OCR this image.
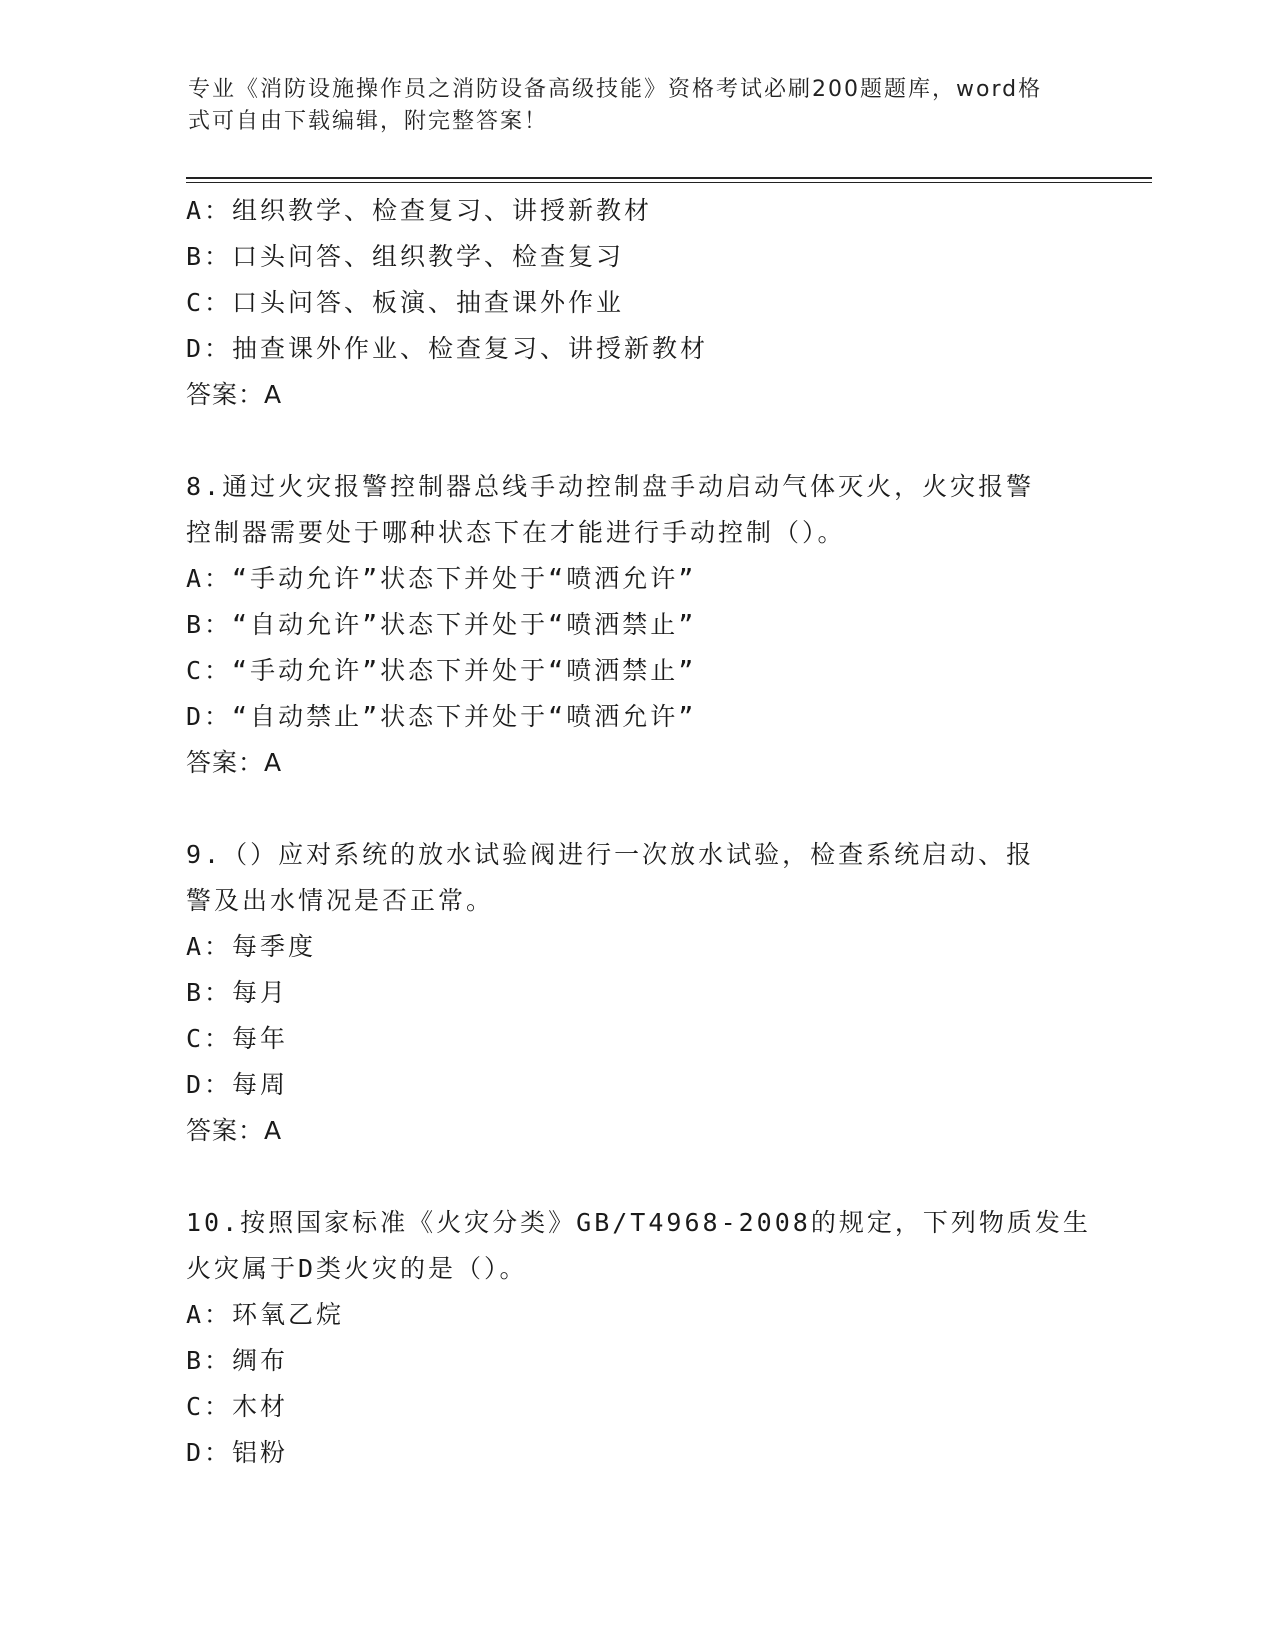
专业《消防设施操作员之消防设备高级技能》资格考试必刷200题题库，word格
式可自由下载编辑，附完整答案！
A：组织教学、检查复习、讲授新教材
B：口头问答、组织教学、检查复习
C：口头问答、板演、抽查课外作业
D：抽查课外作业、检查复习、讲授新教材
答案：A
8.通过火灾报警控制器总线手动控制盘手动启动气体灭火，火灾报警
控制器需要处于哪种状态下在才能进行手动控制（）。
A：“手动允许”状态下并处于“喷洒允许”
B：“自动允许”状态下并处于“喷洒禁止”
C：“手动允许”状态下并处于“喷洒禁止”
D：“自动禁止”状态下并处于“喷洒允许”
答案：A
9.（）应对系统的放水试验阀进行一次放水试验，检查系统启动、报
警及出水情况是否正常。
A：每季度
B：每月
C：每年
D：每周
答案：A
10.按照国家标准《火灾分类》GB/T4968-2008的规定，下列物质发生
火灾属于D类火灾的是（）。
A：环氧乙烷
B：绸布
C：木材
D：铝粉
